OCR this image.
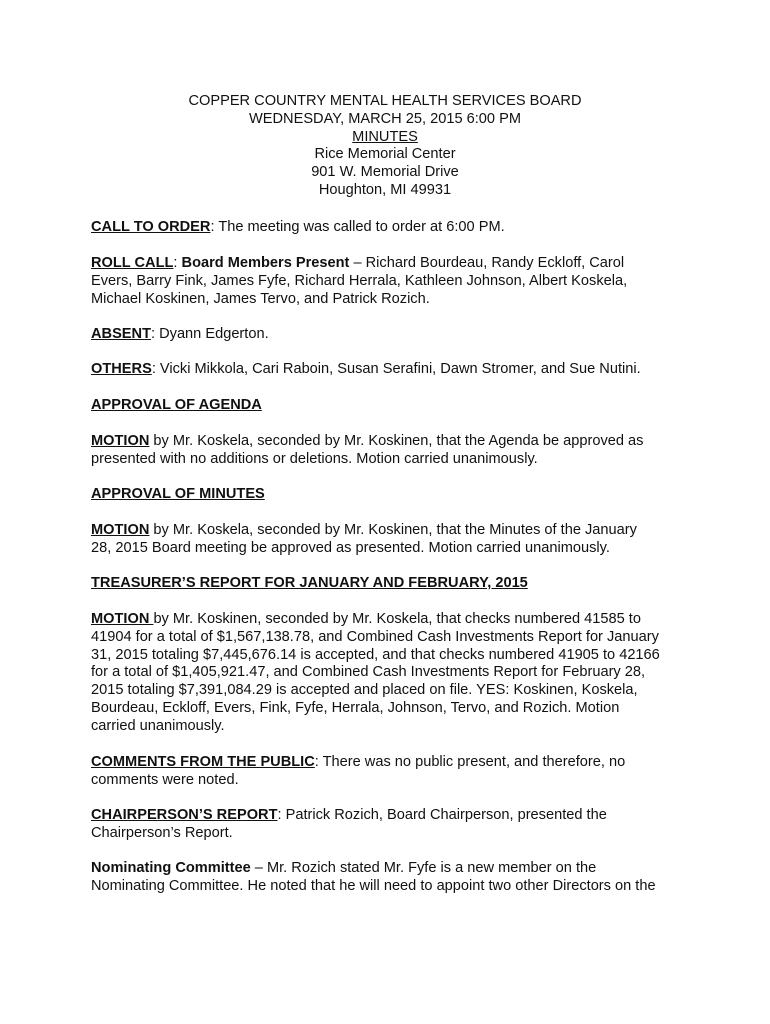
COPPER COUNTRY MENTAL HEALTH SERVICES BOARD
WEDNESDAY, MARCH 25, 2015 6:00 PM
MINUTES
Rice Memorial Center
901 W. Memorial Drive
Houghton, MI 49931
CALL TO ORDER: The meeting was called to order at 6:00 PM.
ROLL CALL: Board Members Present – Richard Bourdeau, Randy Eckloff, Carol
Evers, Barry Fink, James Fyfe, Richard Herrala, Kathleen Johnson, Albert Koskela,
Michael Koskinen, James Tervo, and Patrick Rozich.
ABSENT: Dyann Edgerton.
OTHERS: Vicki Mikkola, Cari Raboin, Susan Serafini, Dawn Stromer, and Sue Nutini.
APPROVAL OF AGENDA
MOTION by Mr. Koskela, seconded by Mr. Koskinen, that the Agenda be approved as
presented with no additions or deletions. Motion carried unanimously.
APPROVAL OF MINUTES
MOTION by Mr. Koskela, seconded by Mr. Koskinen, that the Minutes of the January
28, 2015 Board meeting be approved as presented. Motion carried unanimously.
TREASURER’S REPORT FOR JANUARY AND FEBRUARY, 2015
MOTION by Mr. Koskinen, seconded by Mr. Koskela, that checks numbered 41585 to
41904 for a total of $1,567,138.78, and Combined Cash Investments Report for January
31, 2015 totaling $7,445,676.14 is accepted, and that checks numbered 41905 to 42166
for a total of $1,405,921.47, and Combined Cash Investments Report for February 28,
2015 totaling $7,391,084.29 is accepted and placed on file. YES: Koskinen, Koskela,
Bourdeau, Eckloff, Evers, Fink, Fyfe, Herrala, Johnson, Tervo, and Rozich. Motion
carried unanimously.
COMMENTS FROM THE PUBLIC: There was no public present, and therefore, no
comments were noted.
CHAIRPERSON’S REPORT: Patrick Rozich, Board Chairperson, presented the
Chairperson’s Report.
Nominating Committee – Mr. Rozich stated Mr. Fyfe is a new member on the
Nominating Committee. He noted that he will need to appoint two other Directors on the
